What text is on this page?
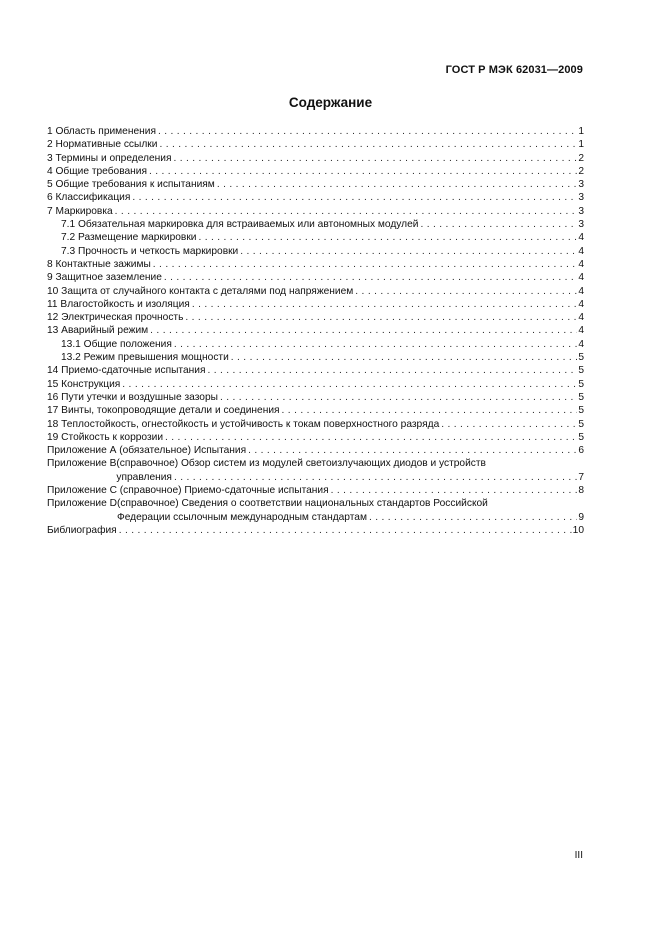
ГОСТ Р МЭК 62031—2009
Содержание
1 Область применения . . .	1
2 Нормативные ссылки . . .	1
3 Термины и определения . . .	2
4 Общие требования . . .	2
5 Общие требования к испытаниям . . .	3
6 Классификация . . .	3
7 Маркировка . . .	3
7.1 Обязательная маркировка для встраиваемых или автономных модулей . . .	3
7.2 Размещение маркировки . . .	4
7.3 Прочность и четкость маркировки . . .	4
8 Контактные зажимы . . .	4
9 Защитное заземление . . .	4
10 Защита от случайного контакта с деталями под напряжением . . .	4
11 Влагостойкость и изоляция . . .	4
12 Электрическая прочность . . .	4
13 Аварийный режим . . .	4
13.1 Общие положения . . .	4
13.2 Режим превышения мощности . . .	5
14 Приемо-сдаточные испытания . . .	5
15 Конструкция . . .	5
16 Пути утечки и воздушные зазоры . . .	5
17 Винты, токопроводящие детали и соединения . . .	5
18 Теплостойкость, огнестойкость и устойчивость к токам поверхностного разряда . . .	5
19 Стойкость к коррозии . . .	5
Приложение А (обязательное) Испытания . . .	6
Приложение В (справочное) Обзор систем из модулей светоизлучающих диодов и устройств
управления . . .	7
Приложение С (справочное) Приемо-сдаточные испытания . . .	8
Приложение D (справочное) Сведения о соответствии национальных стандартов Российской
Федерации ссылочным международным стандартам . . .	9
Библиография . . .	10
III
